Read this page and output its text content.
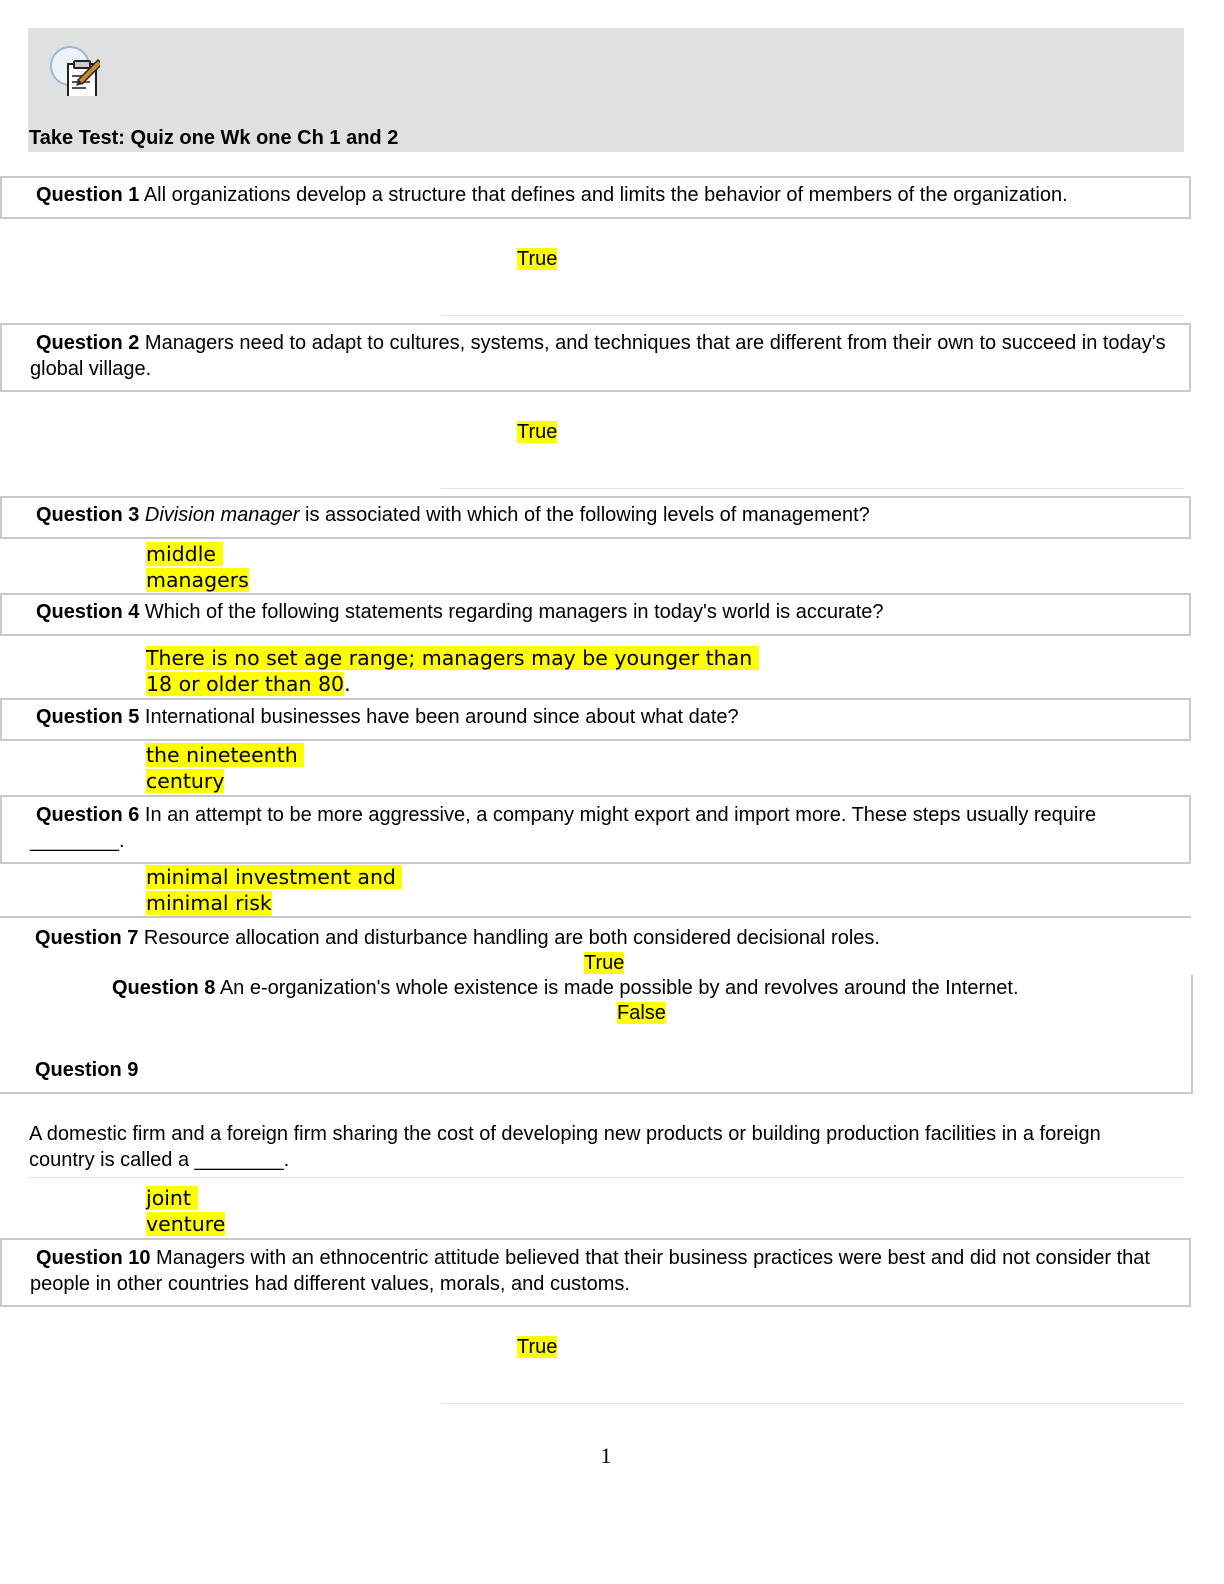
Take Test: Quiz one Wk one Ch 1 and 2
Question 1 All organizations develop a structure that defines and limits the behavior of members of the organization.
True
Question 2 Managers need to adapt to cultures, systems, and techniques that are different from their own to succeed in today's global village.
True
Question 3 Division manager is associated with which of the following levels of management?
middle
managers
Question 4 Which of the following statements regarding managers in today's world is accurate?
There is no set age range; managers may be younger than
18 or older than 80.
Question 5 International businesses have been around since about what date?
the nineteenth
century
Question 6 In an attempt to be more aggressive, a company might export and import more. These steps usually require ________.
minimal investment and
minimal risk
Question 7 Resource allocation and disturbance handling are both considered decisional roles.
True
Question 8 An e-organization's whole existence is made possible by and revolves around the Internet.
False
Question 9
A domestic firm and a foreign firm sharing the cost of developing new products or building production facilities in a foreign country is called a ________.
joint
venture
Question 10 Managers with an ethnocentric attitude believed that their business practices were best and did not consider that people in other countries had different values, morals, and customs.
True
1
